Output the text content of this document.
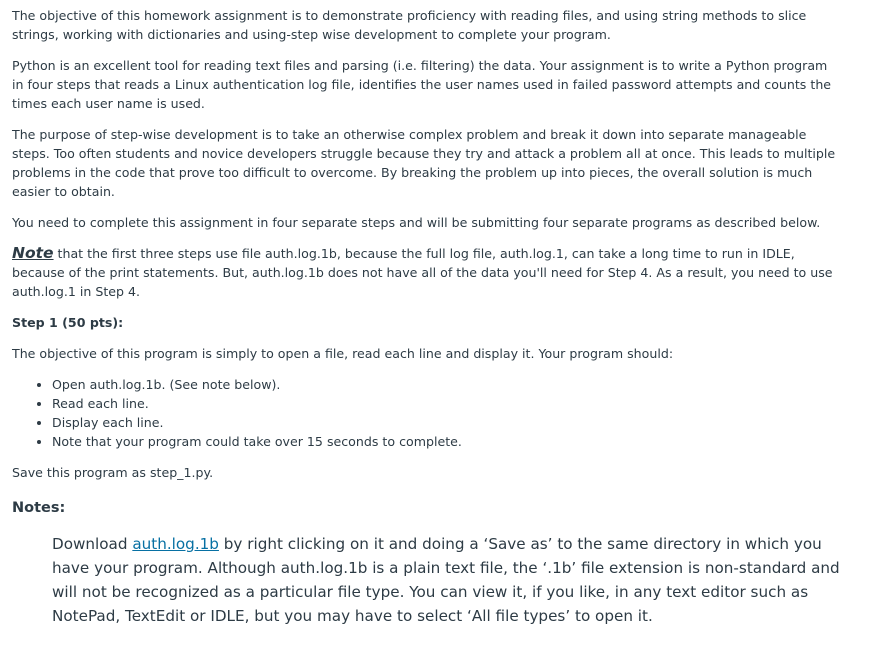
The objective of this homework assignment is to demonstrate proficiency with reading files, and using string methods to slice strings, working with dictionaries and using-step wise development to complete your program.

Python is an excellent tool for reading text files and parsing (i.e. filtering) the data. Your assignment is to write a Python program in four steps that reads a Linux authentication log file, identifies the user names used in failed password attempts and counts the times each user name is used.

The purpose of step-wise development is to take an otherwise complex problem and break it down into separate manageable steps. Too often students and novice developers struggle because they try and attack a problem all at once. This leads to multiple problems in the code that prove too difficult to overcome. By breaking the problem up into pieces, the overall solution is much easier to obtain.

You need to complete this assignment in four separate steps and will be submitting four separate programs as described below.

Note that the first three steps use file auth.log.1b, because the full log file, auth.log.1, can take a long time to run in IDLE, because of the print statements. But, auth.log.1b does not have all of the data you'll need for Step 4. As a result, you need to use auth.log.1 in Step 4.

Step 1 (50 pts):

The objective of this program is simply to open a file, read each line and display it. Your program should:

• Open auth.log.1b. (See note below).
• Read each line.
• Display each line.
• Note that your program could take over 15 seconds to complete.

Save this program as step_1.py.

Notes:
Download auth.log.1b by right clicking on it and doing a ‘Save as’ to the same directory in which you have your program. Although auth.log.1b is a plain text file, the ‘.1b’ file extension is non-standard and will not be recognized as a particular file type. You can view it, if you like, in any text editor such as NotePad, TextEdit or IDLE, but you may have to select ‘All file types’ to open it.
